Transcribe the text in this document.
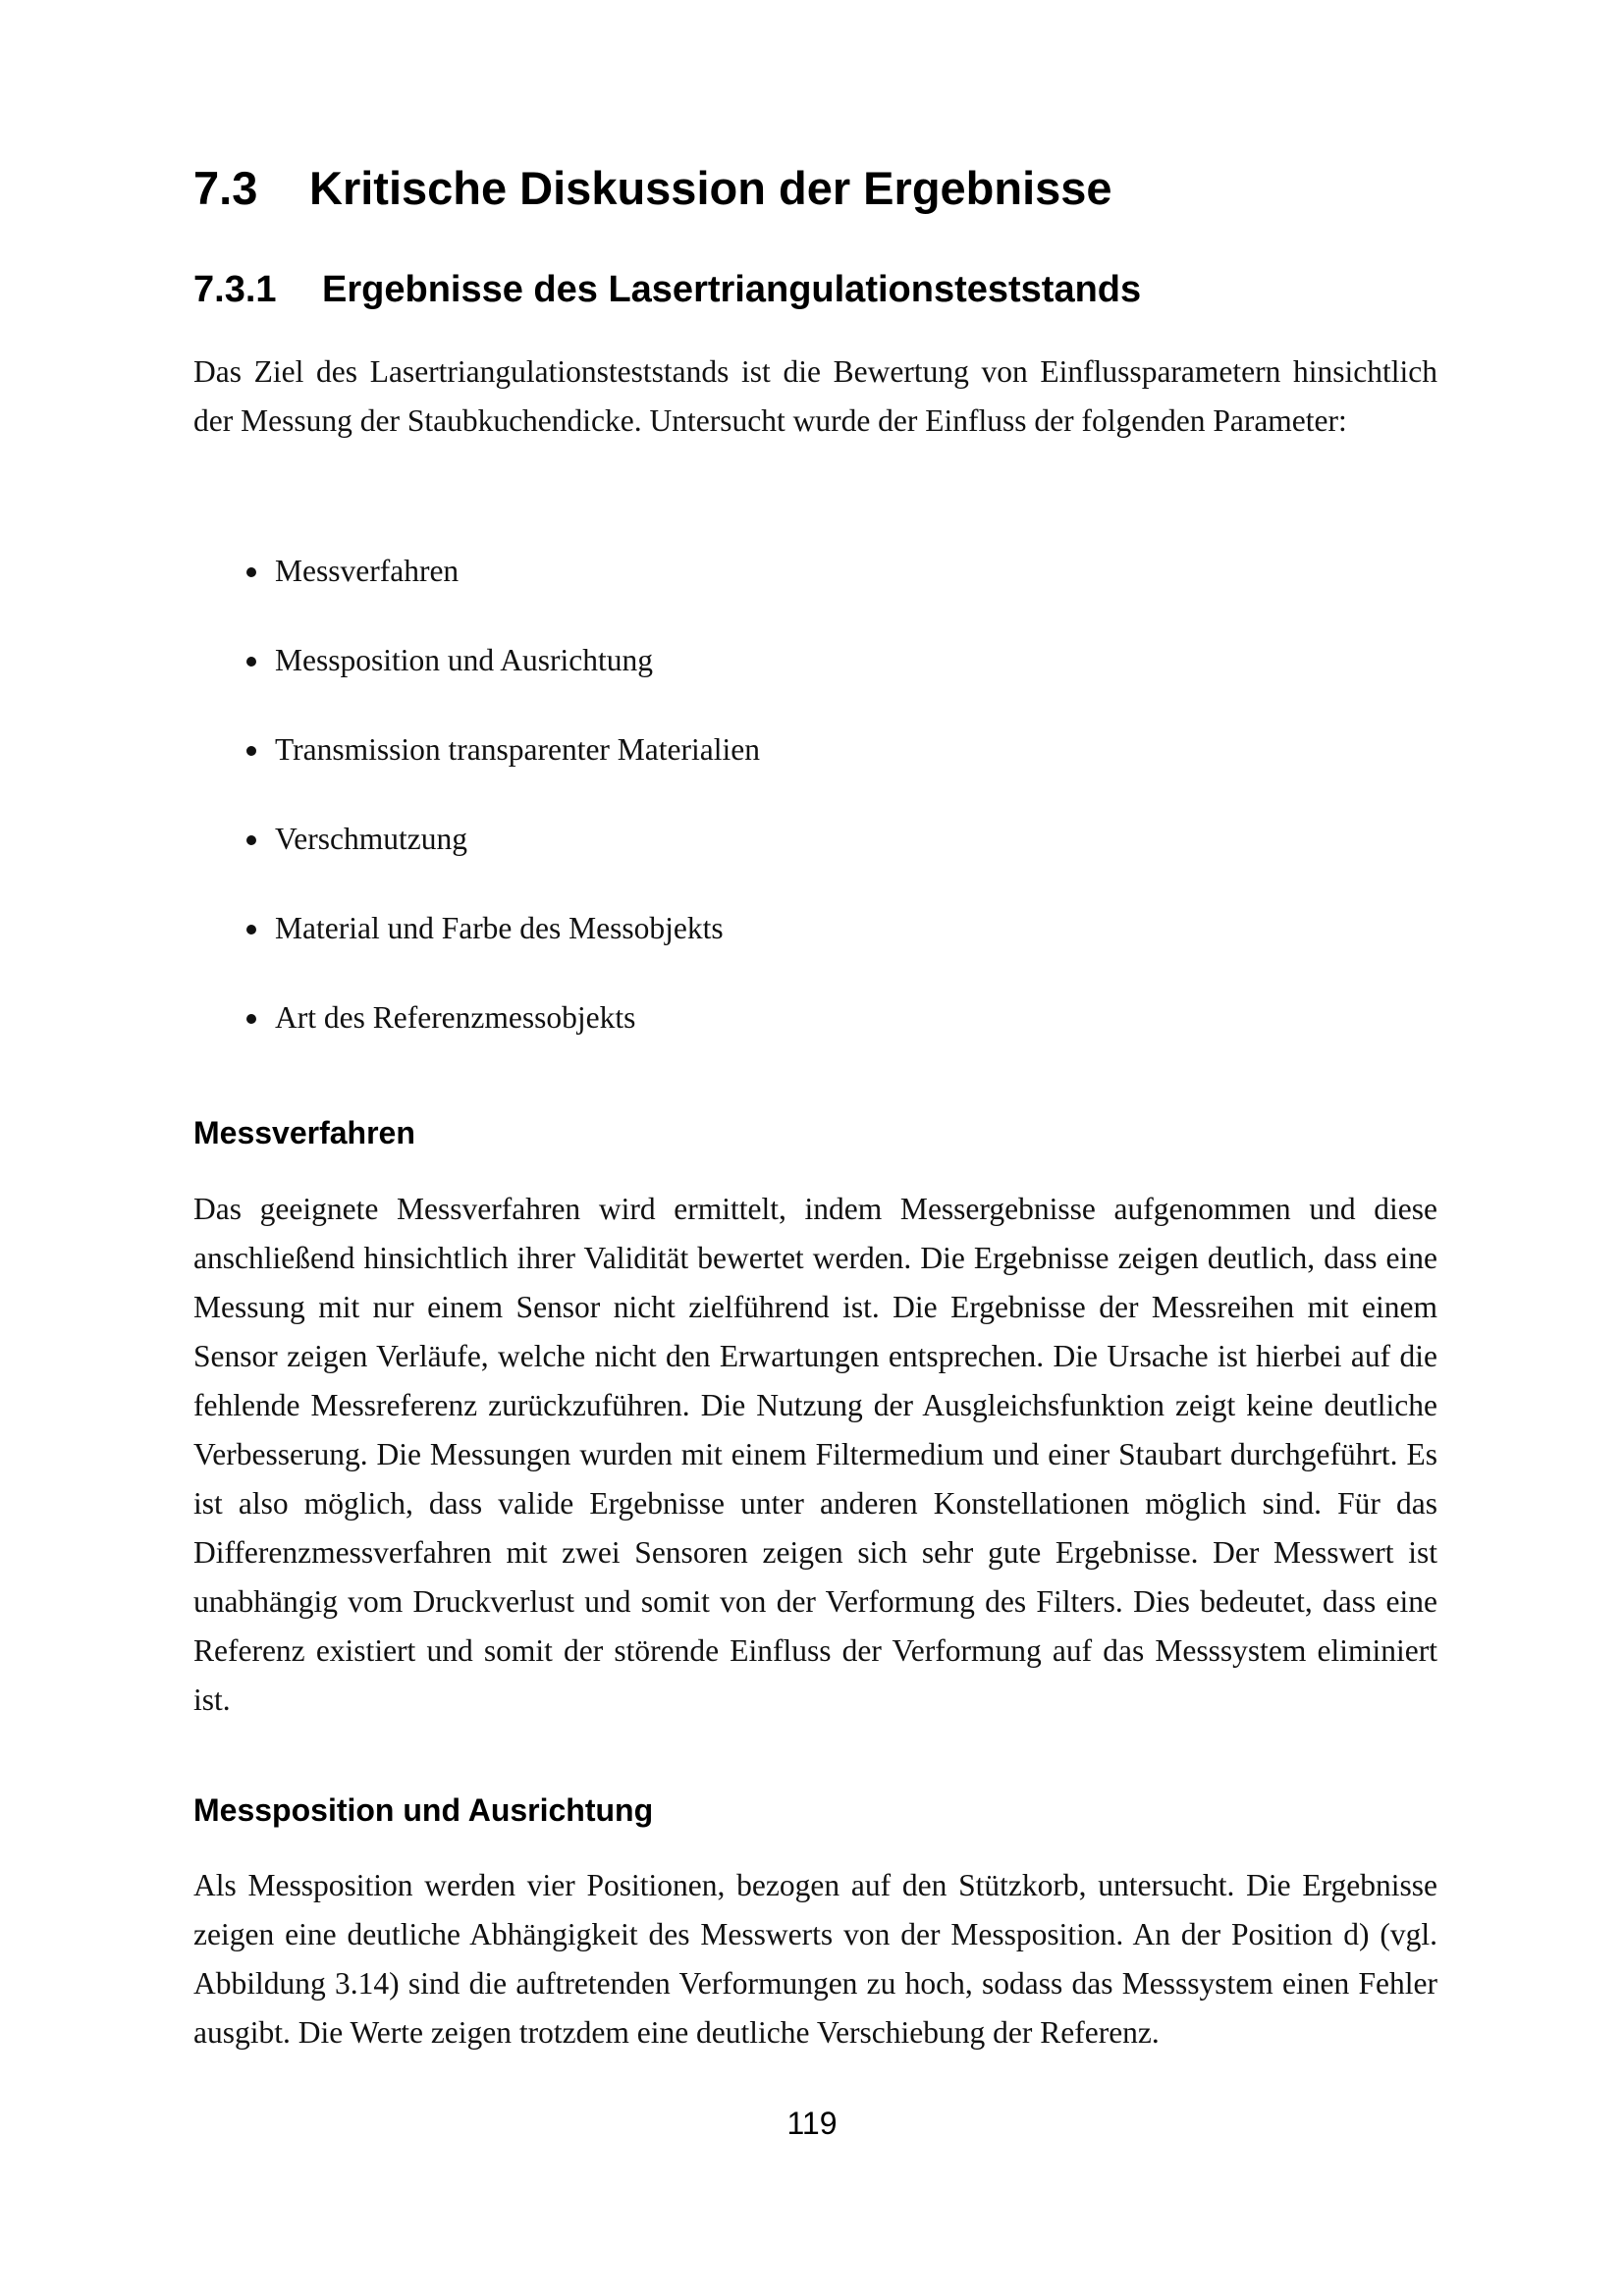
7.3 Kritische Diskussion der Ergebnisse
7.3.1 Ergebnisse des Lasertriangulationsteststands

Das Ziel des Lasertriangulationsteststands ist die Bewertung von Einflussparametern hinsichtlich der Messung der Staubkuchendicke. Untersucht wurde der Einfluss der folgenden Parameter:

Messverfahren
Messposition und Ausrichtung
Transmission transparenter Materialien
Verschmutzung
Material und Farbe des Messobjekts
Art des Referenzmessobjekts
Messverfahren

Das geeignete Messverfahren wird ermittelt, indem Messergebnisse aufgenommen und diese anschließend hinsichtlich ihrer Validität bewertet werden. Die Ergebnisse zeigen deutlich, dass eine Messung mit nur einem Sensor nicht zielführend ist. Die Ergebnisse der Messreihen mit einem Sensor zeigen Verläufe, welche nicht den Erwartungen entsprechen. Die Ursache ist hierbei auf die fehlende Messreferenz zurückzuführen. Die Nutzung der Ausgleichsfunktion zeigt keine deutliche Verbesserung. Die Messungen wurden mit einem Filtermedium und einer Staubart durchgeführt. Es ist also möglich, dass valide Ergebnisse unter anderen Konstellationen möglich sind. Für das Differenzmessverfahren mit zwei Sensoren zeigen sich sehr gute Ergebnisse. Der Messwert ist unabhängig vom Druckverlust und somit von der Verformung des Filters. Dies bedeutet, dass eine Referenz existiert und somit der störende Einfluss der Verformung auf das Messsystem eliminiert ist.

Messposition und Ausrichtung

Als Messposition werden vier Positionen, bezogen auf den Stützkorb, untersucht. Die Ergebnisse zeigen eine deutliche Abhängigkeit des Messwerts von der Messposition. An der Position d) (vgl. Abbildung 3.14) sind die auftretenden Verformungen zu hoch, sodass das Messsystem einen Fehler ausgibt. Die Werte zeigen trotzdem eine deutliche Verschiebung der Referenz.

119
